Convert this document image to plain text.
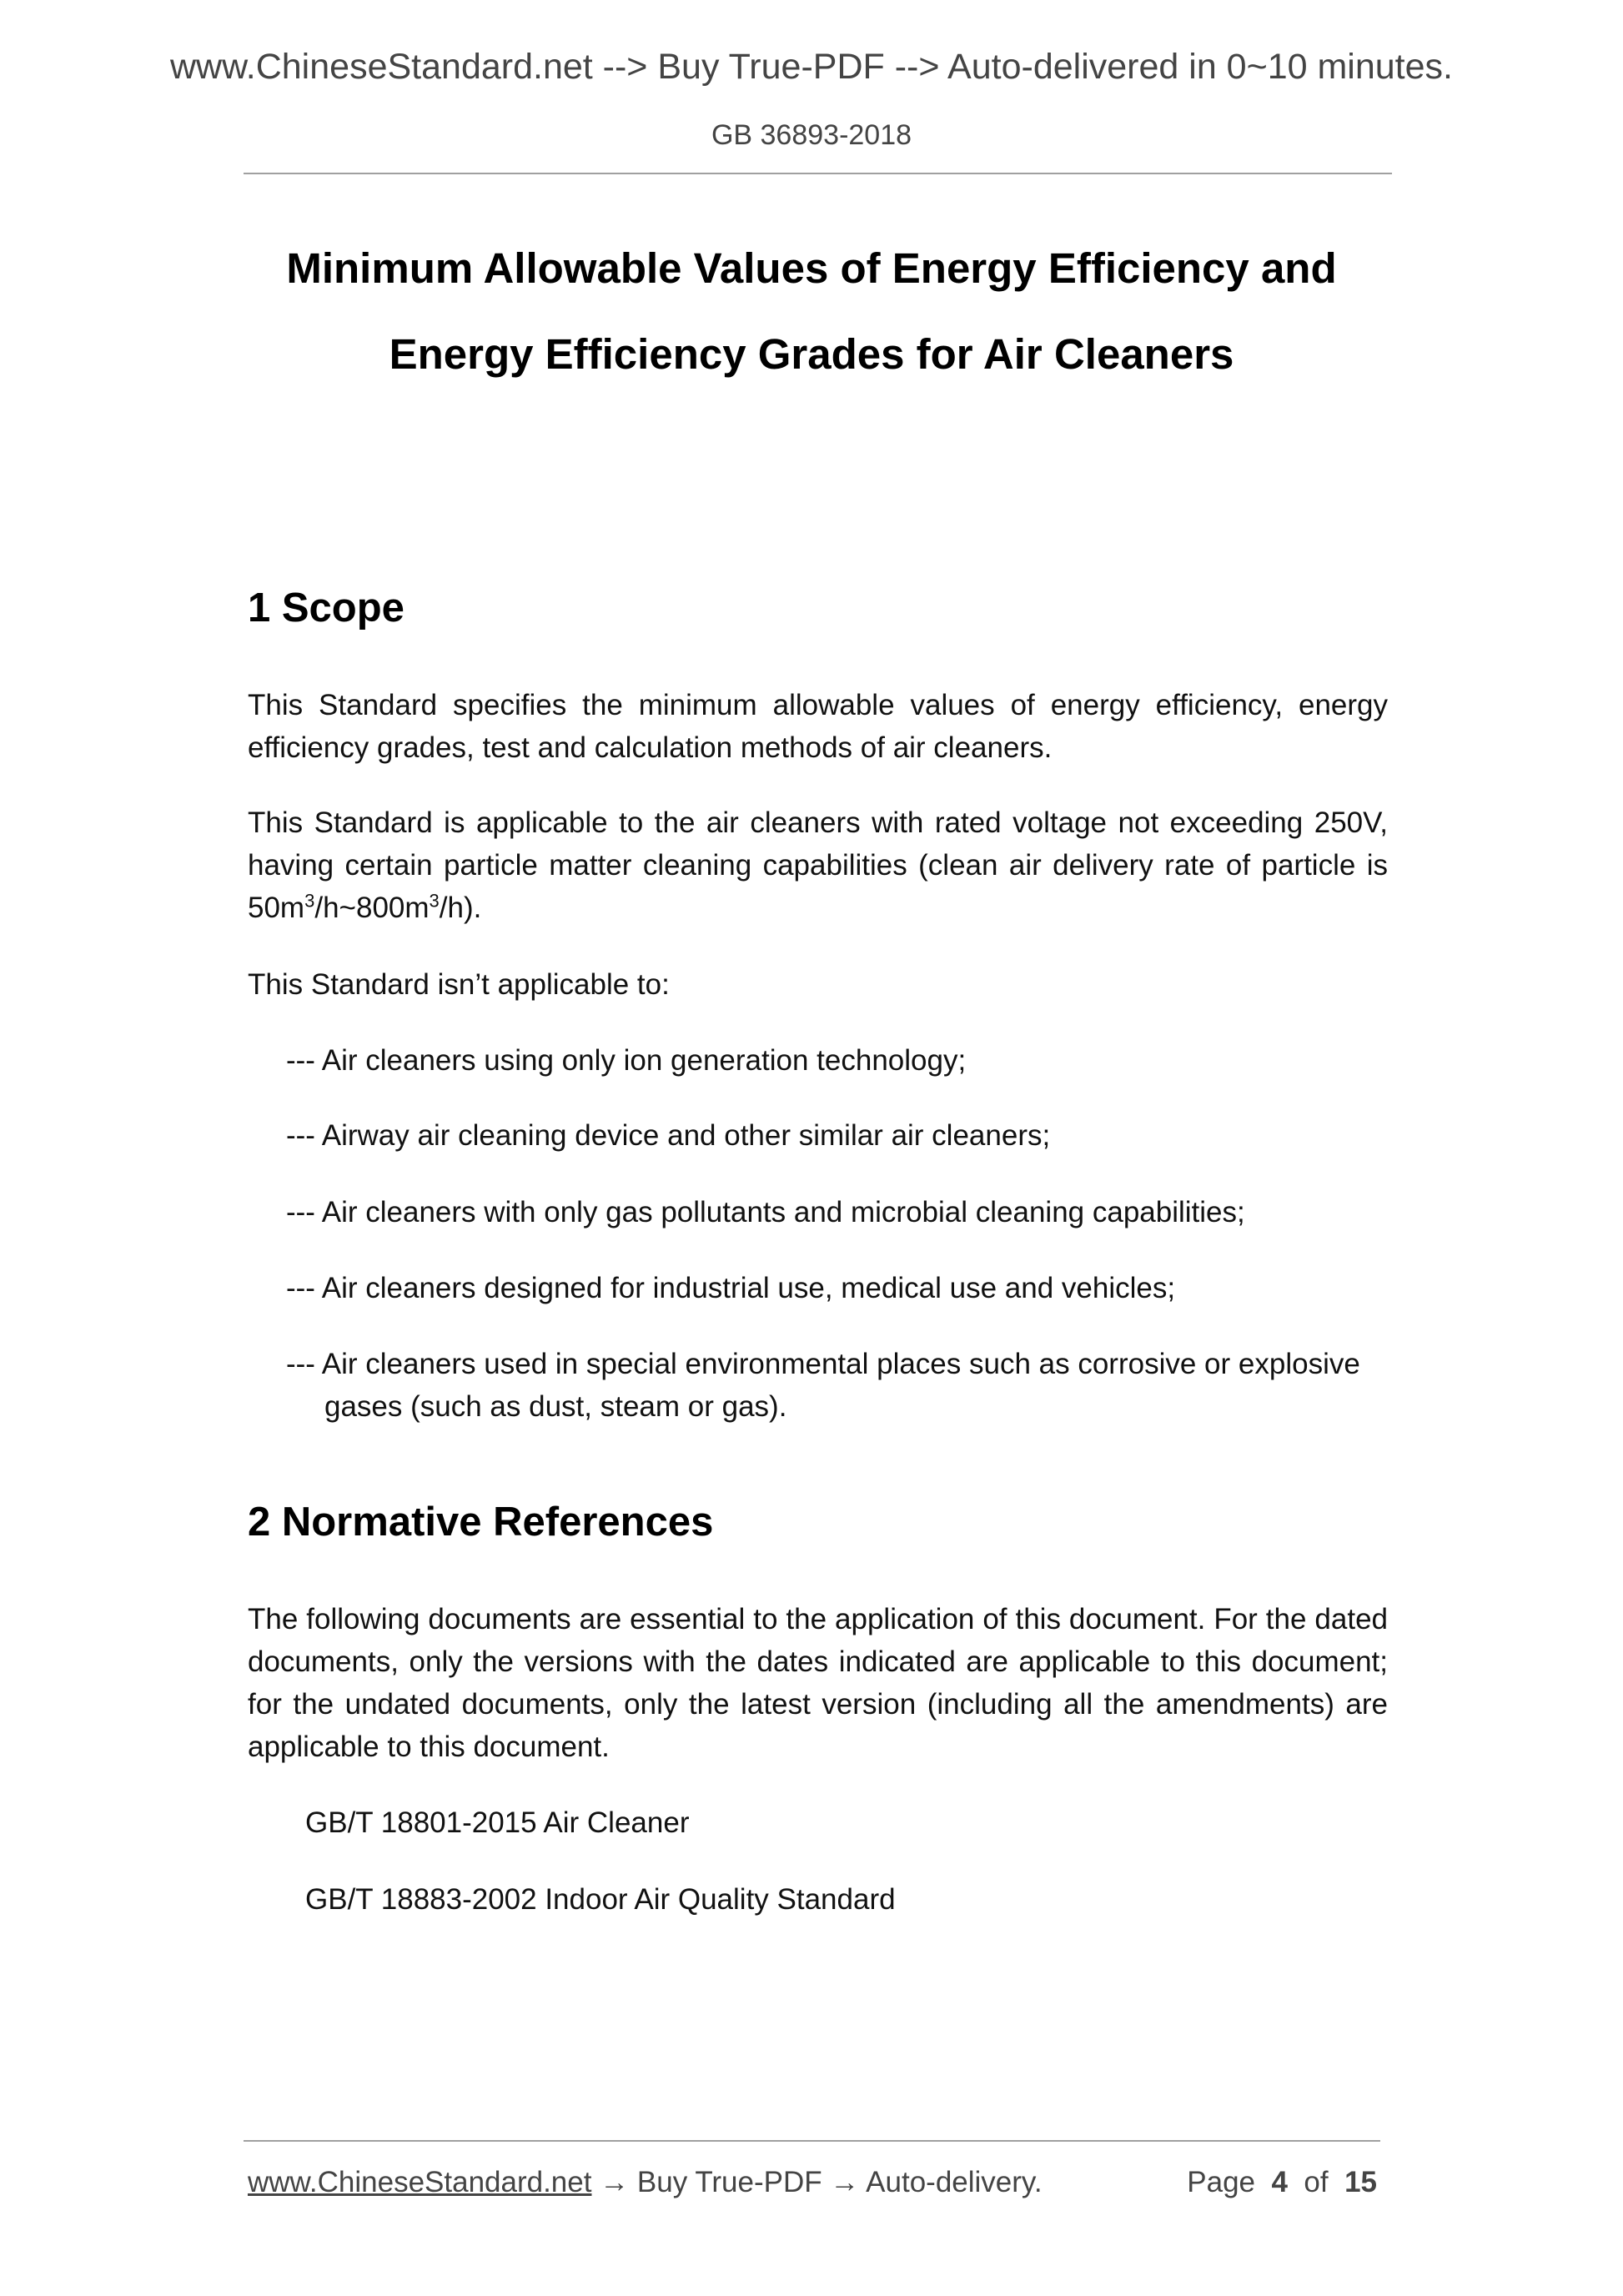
www.ChineseStandard.net --> Buy True-PDF --> Auto-delivered in 0~10 minutes.
GB 36893-2018
Minimum Allowable Values of Energy Efficiency and
Energy Efficiency Grades for Air Cleaners
1 Scope
This Standard specifies the minimum allowable values of energy efficiency, energy efficiency grades, test and calculation methods of air cleaners.
This Standard is applicable to the air cleaners with rated voltage not exceeding 250V, having certain particle matter cleaning capabilities (clean air delivery rate of particle is $50m^3/h\sim 800m^3/h$).
This Standard isn’t applicable to:
--- Air cleaners using only ion generation technology;
--- Airway air cleaning device and other similar air cleaners;
--- Air cleaners with only gas pollutants and microbial cleaning capabilities;
--- Air cleaners designed for industrial use, medical use and vehicles;
--- Air cleaners used in special environmental places such as corrosive or explosive gases (such as dust, steam or gas).
2 Normative References
The following documents are essential to the application of this document. For the dated documents, only the versions with the dates indicated are applicable to this document; for the undated documents, only the latest version (including all the amendments) are applicable to this document.
GB/T 18801-2015 Air Cleaner
GB/T 18883-2002 Indoor Air Quality Standard
www.ChineseStandard.net → Buy True-PDF → Auto-delivery.	Page 4 of 15
